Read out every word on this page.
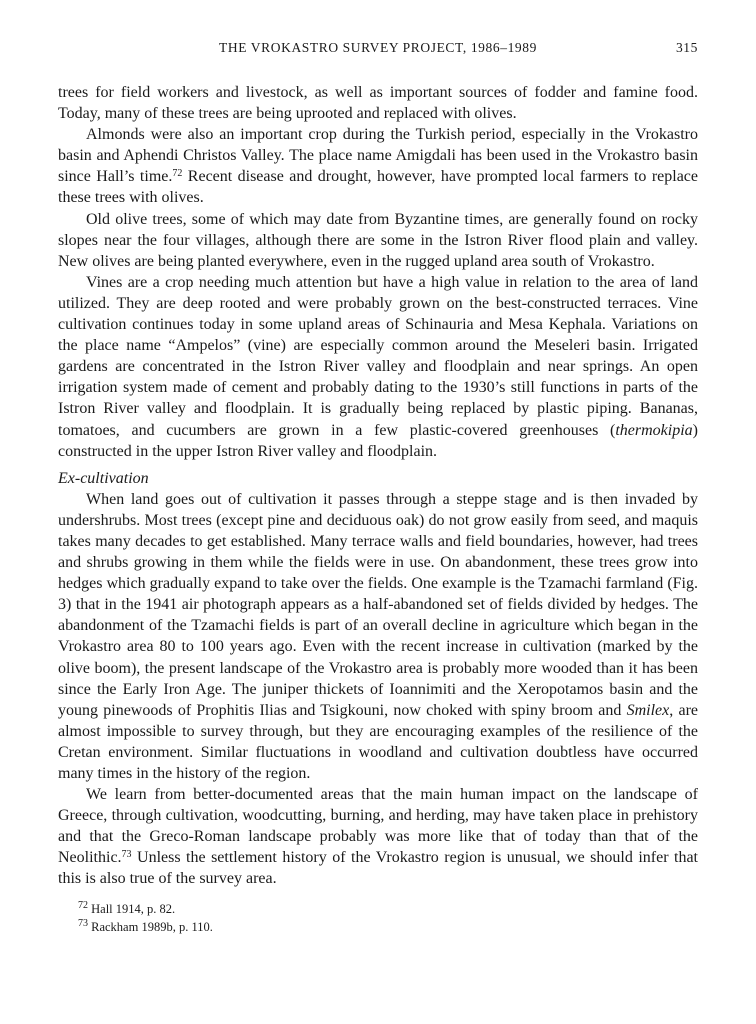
THE VROKASTRO SURVEY PROJECT, 1986–1989	315

trees for field workers and livestock, as well as important sources of fodder and famine food. Today, many of these trees are being uprooted and replaced with olives.

Almonds were also an important crop during the Turkish period, especially in the Vrokastro basin and Aphendi Christos Valley. The place name Amigdali has been used in the Vrokastro basin since Hall’s time.$^{72}$ Recent disease and drought, however, have prompted local farmers to replace these trees with olives.

Old olive trees, some of which may date from Byzantine times, are generally found on rocky slopes near the four villages, although there are some in the Istron River flood plain and valley. New olives are being planted everywhere, even in the rugged upland area south of Vrokastro.

Vines are a crop needing much attention but have a high value in relation to the area of land utilized. They are deep rooted and were probably grown on the best-constructed terraces. Vine cultivation continues today in some upland areas of Schinauria and Mesa Kephala. Variations on the place name “Ampelos” (vine) are especially common around the Meseleri basin. Irrigated gardens are concentrated in the Istron River valley and floodplain and near springs. An open irrigation system made of cement and probably dating to the 1930’s still functions in parts of the Istron River valley and floodplain. It is gradually being replaced by plastic piping. Bananas, tomatoes, and cucumbers are grown in a few plastic-covered greenhouses (thermokipia) constructed in the upper Istron River valley and floodplain.

Ex-cultivation

When land goes out of cultivation it passes through a steppe stage and is then invaded by undershrubs. Most trees (except pine and deciduous oak) do not grow easily from seed, and maquis takes many decades to get established. Many terrace walls and field boundaries, however, had trees and shrubs growing in them while the fields were in use. On abandonment, these trees grow into hedges which gradually expand to take over the fields. One example is the Tzamachi farmland (Fig. 3) that in the 1941 air photograph appears as a half-abandoned set of fields divided by hedges. The abandonment of the Tzamachi fields is part of an overall decline in agriculture which began in the Vrokastro area 80 to 100 years ago. Even with the recent increase in cultivation (marked by the olive boom), the present landscape of the Vrokastro area is probably more wooded than it has been since the Early Iron Age. The juniper thickets of Ioannimiti and the Xeropotamos basin and the young pinewoods of Prophitis Ilias and Tsigkouni, now choked with spiny broom and Smilex, are almost impossible to survey through, but they are encouraging examples of the resilience of the Cretan environment. Similar fluctuations in woodland and cultivation doubtless have occurred many times in the history of the region.

We learn from better-documented areas that the main human impact on the landscape of Greece, through cultivation, woodcutting, burning, and herding, may have taken place in prehistory and that the Greco-Roman landscape probably was more like that of today than that of the Neolithic.$^{73}$ Unless the settlement history of the Vrokastro region is unusual, we should infer that this is also true of the survey area.

$^{72}$ Hall 1914, p. 82.
$^{73}$ Rackham 1989b, p. 110.
